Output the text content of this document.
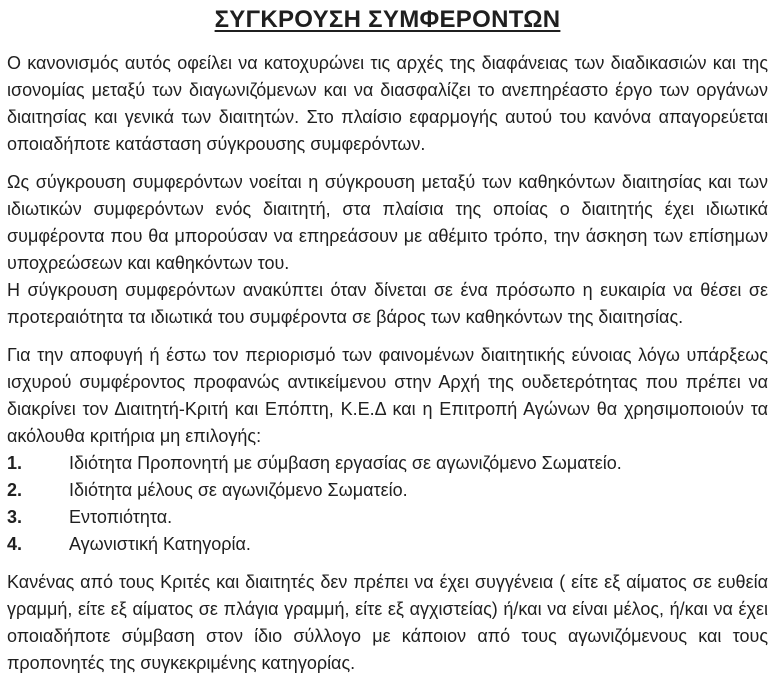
ΣΥΓΚΡΟΥΣΗ ΣΥΜΦΕΡΟΝΤΩΝ

Ο κανονισμός αυτός οφείλει να κατοχυρώνει τις αρχές της διαφάνειας των διαδικασιών και της ισονομίας μεταξύ των διαγωνιζόμενων και να διασφαλίζει το ανεπηρέαστο έργο των οργάνων διαιτησίας και γενικά των διαιτητών. Στο πλαίσιο εφαρμογής αυτού του κανόνα απαγορεύεται οποιαδήποτε κατάσταση σύγκρουσης συμφερόντων.

Ως σύγκρουση συμφερόντων νοείται η σύγκρουση μεταξύ των καθηκόντων διαιτησίας και των ιδιωτικών συμφερόντων ενός διαιτητή, στα πλαίσια της οποίας ο διαιτητής έχει ιδιωτικά συμφέροντα που θα μπορούσαν να επηρεάσουν με αθέμιτο τρόπο, την άσκηση των επίσημων υποχρεώσεων και καθηκόντων του.

Η σύγκρουση συμφερόντων ανακύπτει όταν δίνεται σε ένα πρόσωπο η ευκαιρία να θέσει σε προτεραιότητα τα ιδιωτικά του συμφέροντα σε βάρος των καθηκόντων της διαιτησίας.

Για την αποφυγή ή έστω τον περιορισμό των φαινομένων διαιτητικής εύνοιας λόγω υπάρξεως ισχυρού συμφέροντος προφανώς αντικείμενου στην Αρχή της ουδετερότητας που πρέπει να διακρίνει τον Διαιτητή-Κριτή και Επόπτη, Κ.Ε.Δ και η Επιτροπή Αγώνων θα χρησιμοποιούν τα ακόλουθα κριτήρια μη επιλογής:

1.	Ιδιότητα Προπονητή με σύμβαση εργασίας σε αγωνιζόμενο Σωματείο.
2.	Ιδιότητα μέλους σε αγωνιζόμενο Σωματείο.
3.	Εντοπιότητα.
4.	Αγωνιστική Κατηγορία.

Κανένας από τους Κριτές και διαιτητές δεν πρέπει να έχει συγγένεια ( είτε εξ αίματος σε ευθεία γραμμή, είτε εξ αίματος σε πλάγια γραμμή, είτε εξ αγχιστείας) ή/και να είναι μέλος, ή/και να έχει οποιαδήποτε σύμβαση στον ίδιο σύλλογο με κάποιον από τους αγωνιζόμενους και τους προπονητές της συγκεκριμένης κατηγορίας.
